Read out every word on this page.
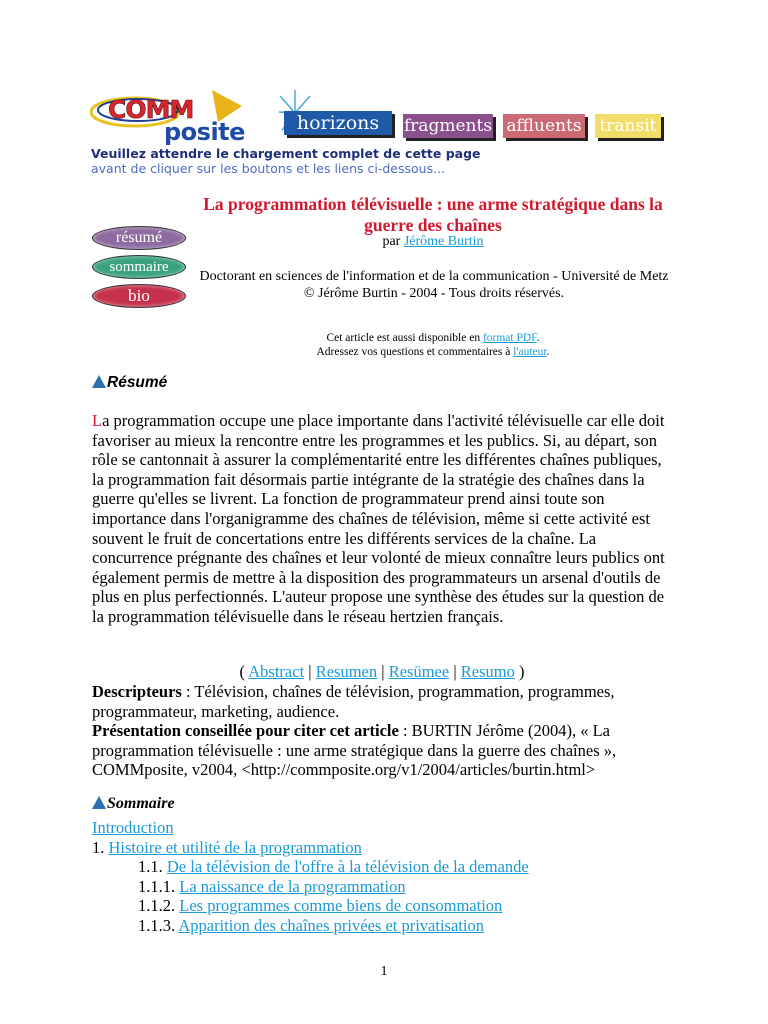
COMM
posite	horizons	fragments affluents transit
Veuillez attendre le chargement complet de cette page
avant de cliquer sur les boutons et les liens ci-dessous...
résumé
sommaire
bio
La programmation télévisuelle : une arme stratégique dans la guerre des chaînes
par Jérôme Burtin
Doctorant en sciences de l'information et de la communication - Université de Metz
© Jérôme Burtin - 2004 - Tous droits réservés.
Cet article est aussi disponible en format PDF.
Adressez vos questions et commentaires à l'auteur.
Résumé
La programmation occupe une place importante dans l'activité télévisuelle car elle doit favoriser au mieux la rencontre entre les programmes et les publics. Si, au départ, son rôle se cantonnait à assurer la complémentarité entre les différentes chaînes publiques, la programmation fait désormais partie intégrante de la stratégie des chaînes dans la guerre qu'elles se livrent. La fonction de programmateur prend ainsi toute son importance dans l'organigramme des chaînes de télévision, même si cette activité est souvent le fruit de concertations entre les différents services de la chaîne. La concurrence prégnante des chaînes et leur volonté de mieux connaître leurs publics ont également permis de mettre à la disposition des programmateurs un arsenal d'outils de plus en plus perfectionnés. L'auteur propose une synthèse des études sur la question de la programmation télévisuelle dans le réseau hertzien français.
( Abstract | Resumen | Resümee | Resumo )
Descripteurs : Télévision, chaînes de télévision, programmation, programmes, programmateur, marketing, audience.
Présentation conseillée pour citer cet article : BURTIN Jérôme (2004), « La programmation télévisuelle : une arme stratégique dans la guerre des chaînes », COMMposite, v2004, <http://commposite.org/v1/2004/articles/burtin.html>
Sommaire
Introduction
1. Histoire et utilité de la programmation
1.1. De la télévision de l'offre à la télévision de la demande
1.1.1. La naissance de la programmation
1.1.2. Les programmes comme biens de consommation
1.1.3. Apparition des chaînes privées et privatisation
1
